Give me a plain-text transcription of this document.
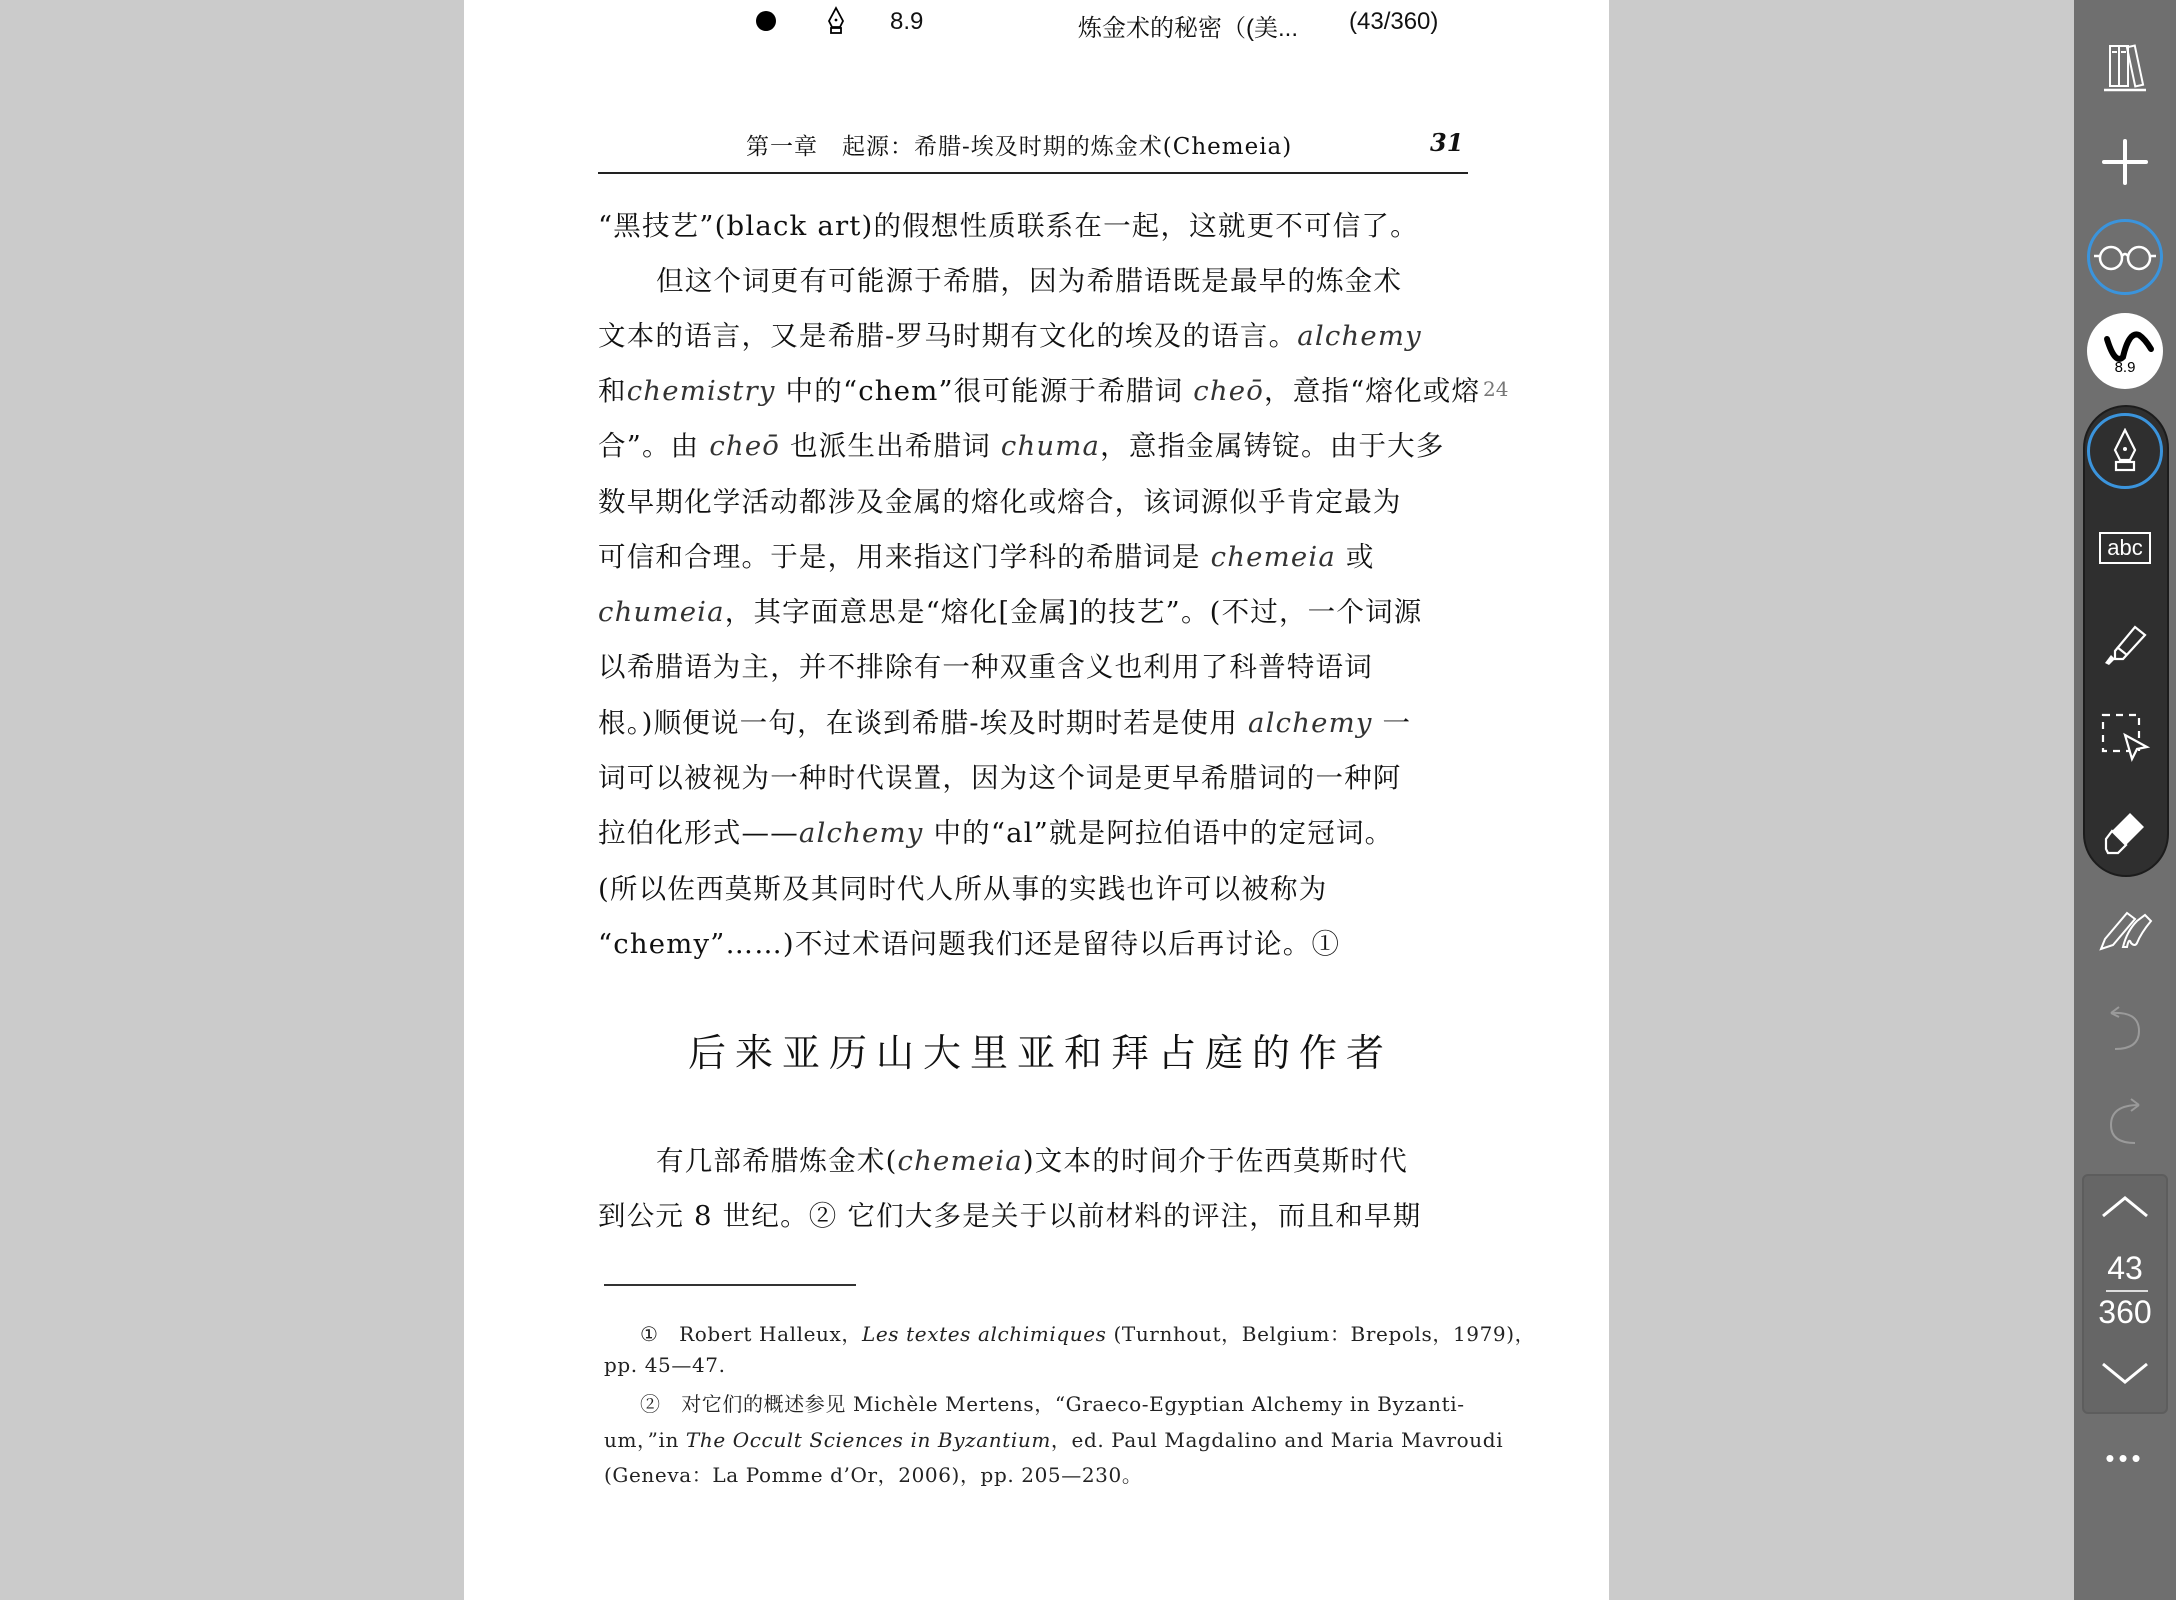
8.9	炼金术的秘密（(美... (43/360)
第一章　起源：希腊-埃及时期的炼金术(Chemeia)	31
“黑技艺”(black art)的假想性质联系在一起，这就更不可信了。
但这个词更有可能源于希腊，因为希腊语既是最早的炼金术
文本的语言，又是希腊-罗马时期有文化的埃及的语言。alchemy
和chemistry 中的“chem”很可能源于希腊词 cheō，意指“熔化或熔
合”。由 cheō 也派生出希腊词 chuma，意指金属铸锭。由于大多
数早期化学活动都涉及金属的熔化或熔合，该词源似乎肯定最为
可信和合理。于是，用来指这门学科的希腊词是 chemeia 或
chumeia，其字面意思是“熔化[金属]的技艺”。(不过，一个词源
以希腊语为主，并不排除有一种双重含义也利用了科普特语词
根。)顺便说一句，在谈到希腊-埃及时期时若是使用 alchemy 一
词可以被视为一种时代误置，因为这个词是更早希腊词的一种阿
拉伯化形式——alchemy 中的“al”就是阿拉伯语中的定冠词。
(所以佐西莫斯及其同时代人所从事的实践也许可以被称为
“chemy”……)不过术语问题我们还是留待以后再讨论。①
有几部希腊炼金术(chemeia)文本的时间介于佐西莫斯时代
到公元 8 世纪。② 它们大多是关于以前材料的评注，而且和早期
24
后来亚历山大里亚和拜占庭的作者
①　Robert Halleux，Les textes alchimiques (Turnhout，Belgium：Brepols，1979)，
pp. 45—47.
②　对它们的概述参见 Michèle Mertens，“Graeco-Egyptian Alchemy in Byzanti-
um，”in The Occult Sciences in Byzantium，ed. Paul Magdalino and Maria Mavroudi
(Geneva：La Pomme d’Or，2006)，pp. 205—230。
8.9
abc
43
360
•••
